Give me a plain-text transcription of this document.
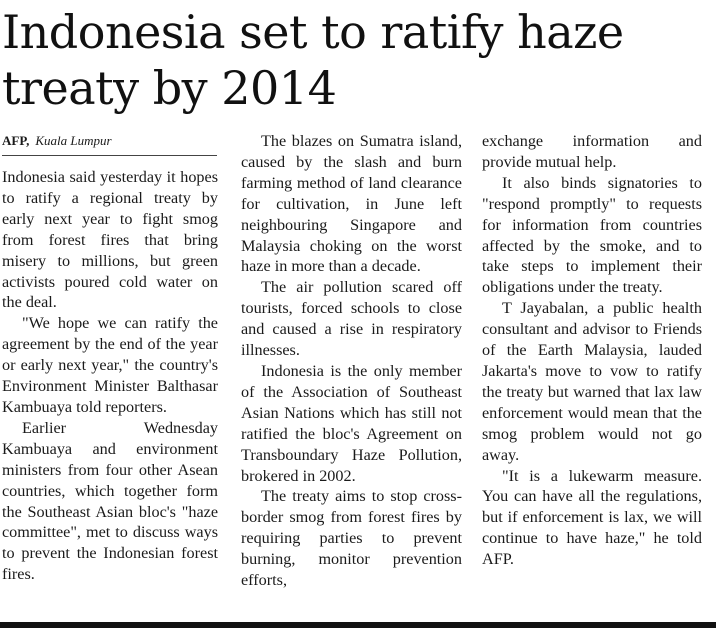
Indonesia set to ratify haze treaty by 2014
AFP, Kuala Lumpur

Indonesia said yesterday it hopes to ratify a regional treaty by early next year to fight smog from forest fires that bring misery to millions, but green activists poured cold water on the deal.

"We hope we can ratify the agreement by the end of the year or early next year," the country's Environment Minister Balthasar Kambuaya told reporters.

Earlier Wednesday Kambuaya and environment ministers from four other Asean countries, which together form the Southeast Asian bloc's "haze committee", met to discuss ways to prevent the Indonesian forest fires.

The blazes on Sumatra island, caused by the slash and burn farming method of land clearance for cultivation, in June left neighbouring Singapore and Malaysia choking on the worst haze in more than a decade.

The air pollution scared off tourists, forced schools to close and caused a rise in respiratory illnesses.

Indonesia is the only member of the Association of Southeast Asian Nations which has still not ratified the bloc's Agreement on Transboundary Haze Pollution, brokered in 2002.

The treaty aims to stop cross-border smog from forest fires by requiring parties to prevent burning, monitor prevention efforts,

exchange information and provide mutual help.

It also binds signatories to "respond promptly" to requests for information from countries affected by the smoke, and to take steps to implement their obligations under the treaty.

T Jayabalan, a public health consultant and advisor to Friends of the Earth Malaysia, lauded Jakarta's move to vow to ratify the treaty but warned that lax law enforcement would mean that the smog problem would not go away.

"It is a lukewarm measure. You can have all the regulations, but if enforcement is lax, we will continue to have haze," he told AFP.
